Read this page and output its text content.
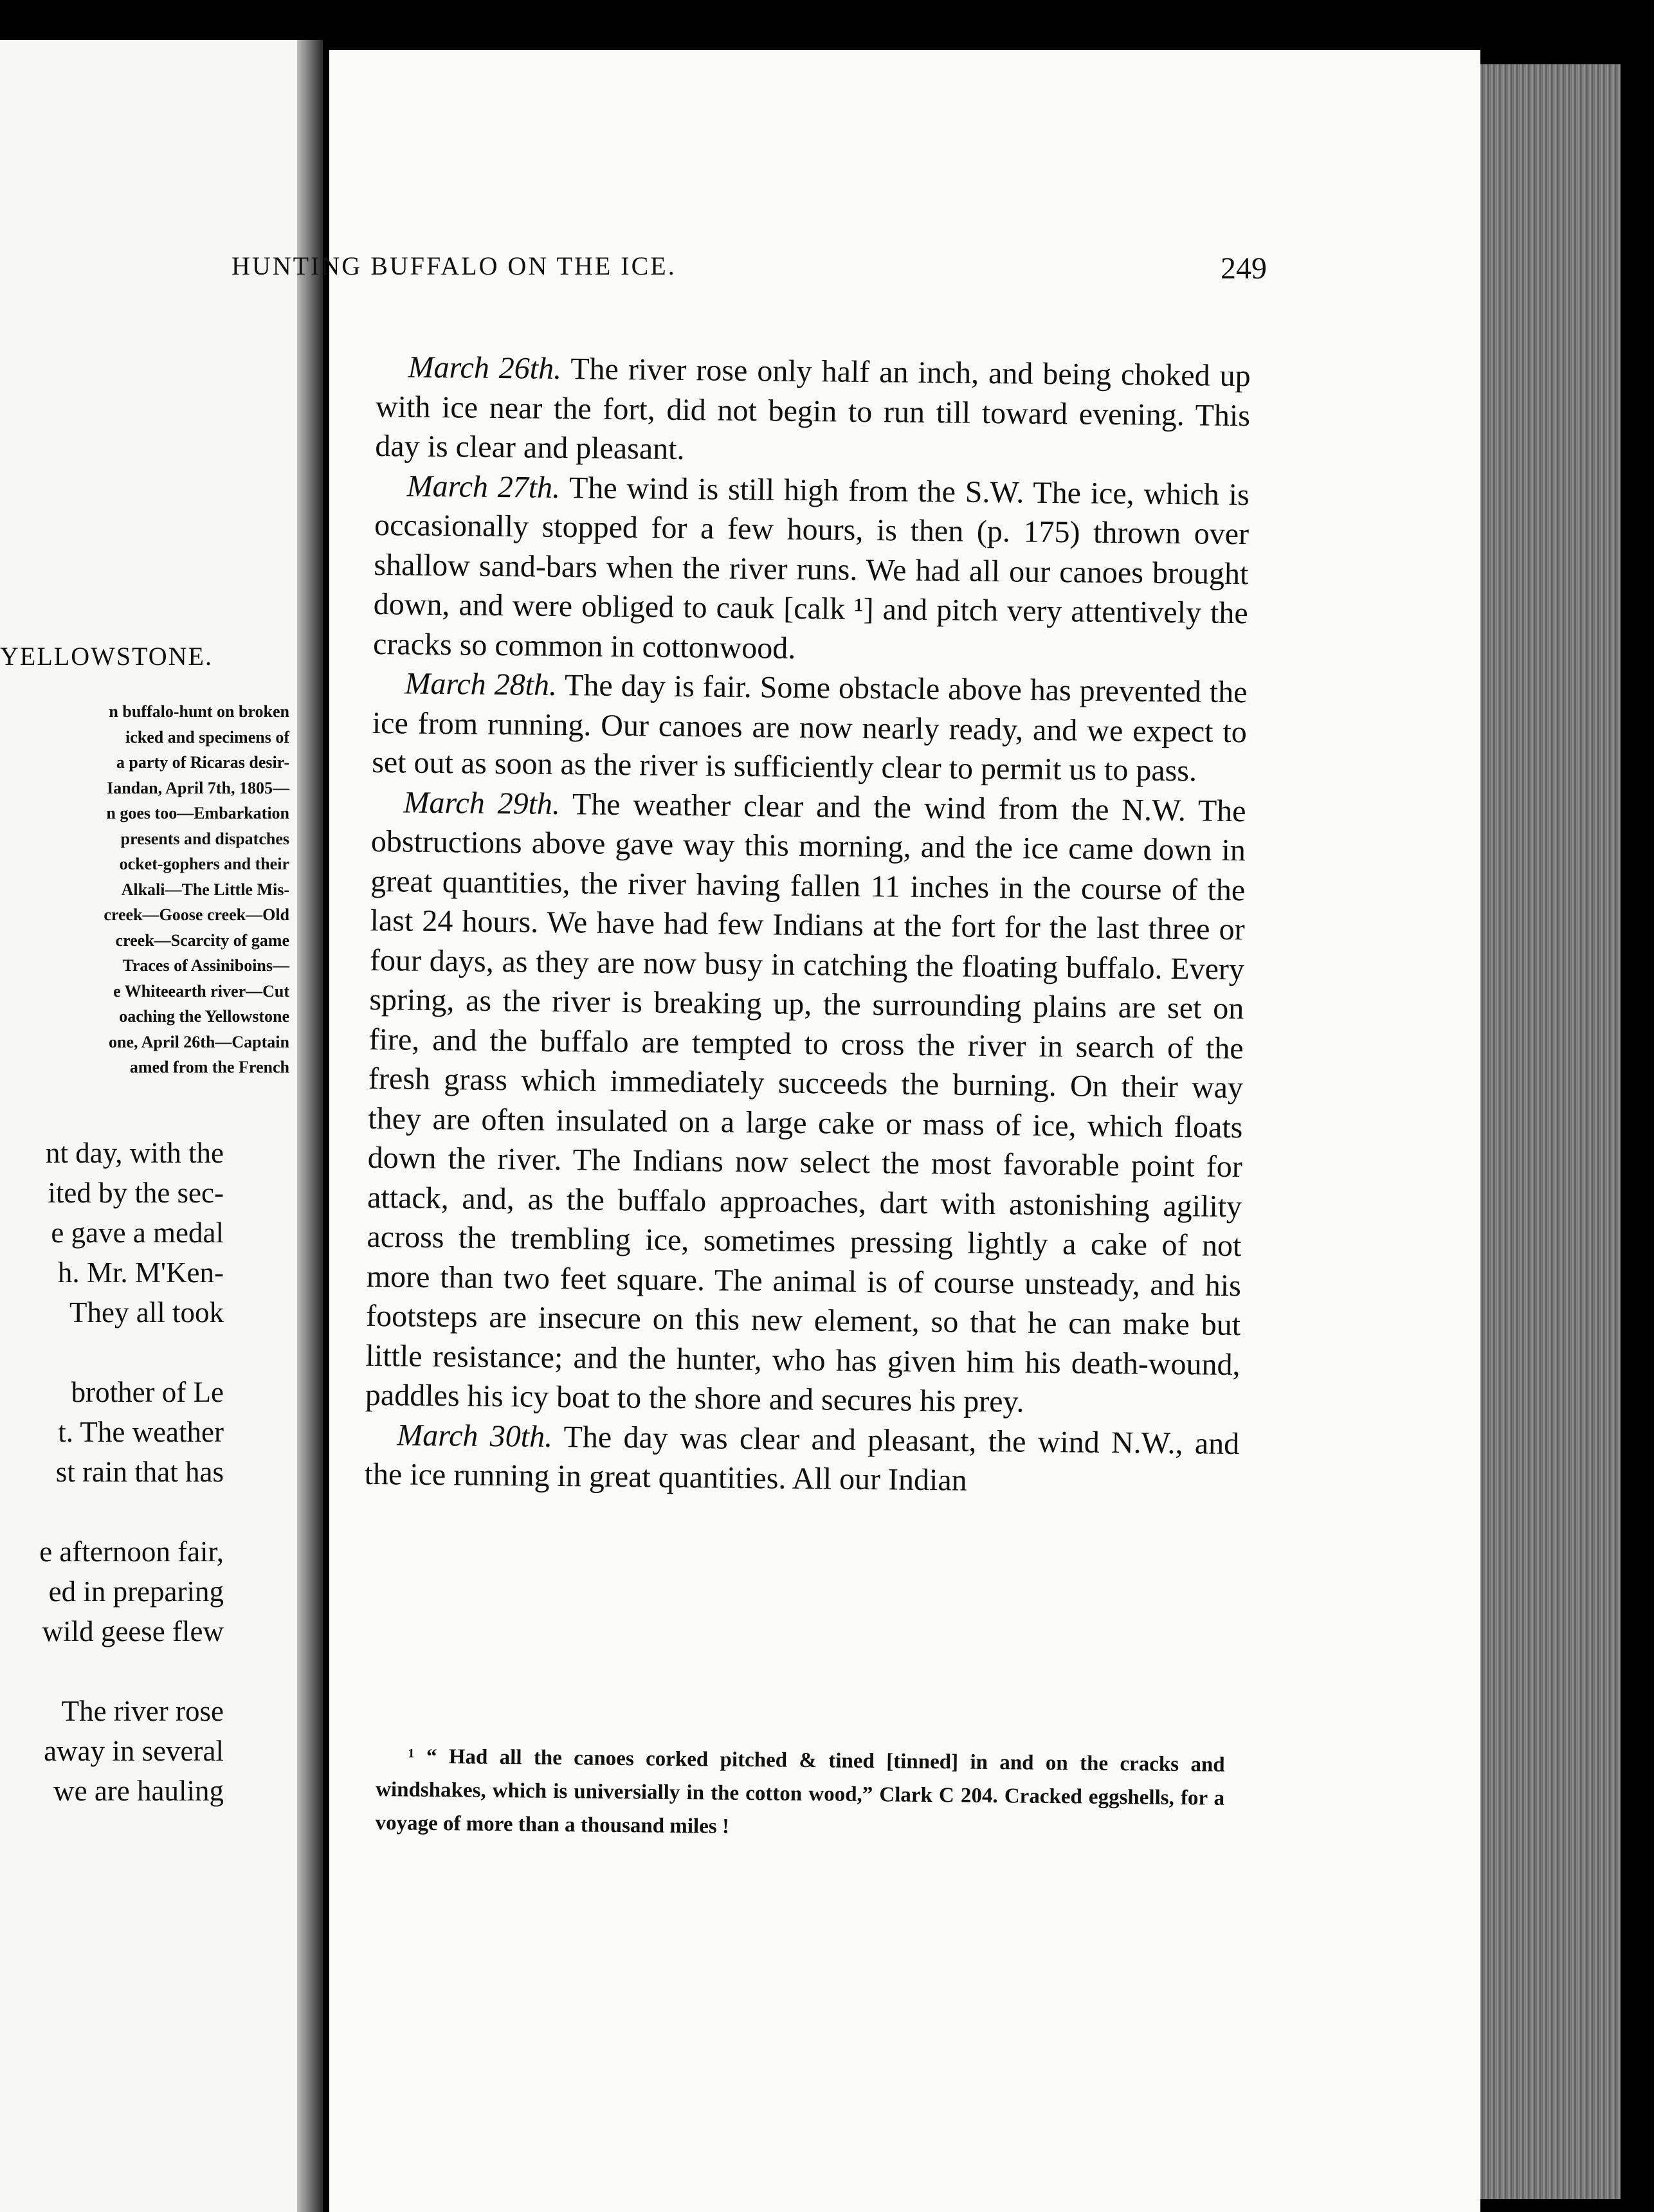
YELLOWSTONE.
n buffalo-hunt on broken
icked and specimens of
a party of Ricaras desir-
Iandan, April 7th, 1805—
n goes too—Embarkation
presents and dispatches
ocket-gophers and their
Alkali—The Little Mis-
creek—Goose creek—Old
creek—Scarcity of game
Traces of Assiniboins—
e Whiteearth river—Cut
oaching the Yellowstone
one, April 26th—Captain
amed from the French
nt day, with the
ited by the sec-
e gave a medal
h. Mr. M'Ken-
They all took
brother of Le
t. The weather
st rain that has
e afternoon fair,
ed in preparing
wild geese flew
The river rose
away in several
we are hauling
HUNTING BUFFALO ON THE ICE.	249

March 26th. The river rose only half an inch, and being choked up with ice near the fort, did not begin to run till toward evening. This day is clear and pleasant.

March 27th. The wind is still high from the S.W. The ice, which is occasionally stopped for a few hours, is then (p. 175) thrown over shallow sand-bars when the river runs. We had all our canoes brought down, and were obliged to cauk [calk ¹] and pitch very attentively the cracks so common in cottonwood.

March 28th. The day is fair. Some obstacle above has prevented the ice from running. Our canoes are now nearly ready, and we expect to set out as soon as the river is sufficiently clear to permit us to pass.

March 29th. The weather clear and the wind from the N.W. The obstructions above gave way this morning, and the ice came down in great quantities, the river having fallen 11 inches in the course of the last 24 hours. We have had few Indians at the fort for the last three or four days, as they are now busy in catching the floating buffalo. Every spring, as the river is breaking up, the surrounding plains are set on fire, and the buffalo are tempted to cross the river in search of the fresh grass which immediately succeeds the burning. On their way they are often insulated on a large cake or mass of ice, which floats down the river. The Indians now select the most favorable point for attack, and, as the buffalo approaches, dart with astonishing agility across the trembling ice, sometimes pressing lightly a cake of not more than two feet square. The animal is of course unsteady, and his footsteps are insecure on this new element, so that he can make but little resistance; and the hunter, who has given him his death-wound, paddles his icy boat to the shore and secures his prey.

March 30th. The day was clear and pleasant, the wind N.W., and the ice running in great quantities. All our Indian

¹ “ Had all the canoes corked pitched & tined [tinned] in and on the cracks and windshakes, which is universially in the cotton wood,” Clark C 204. Cracked eggshells, for a voyage of more than a thousand miles !
